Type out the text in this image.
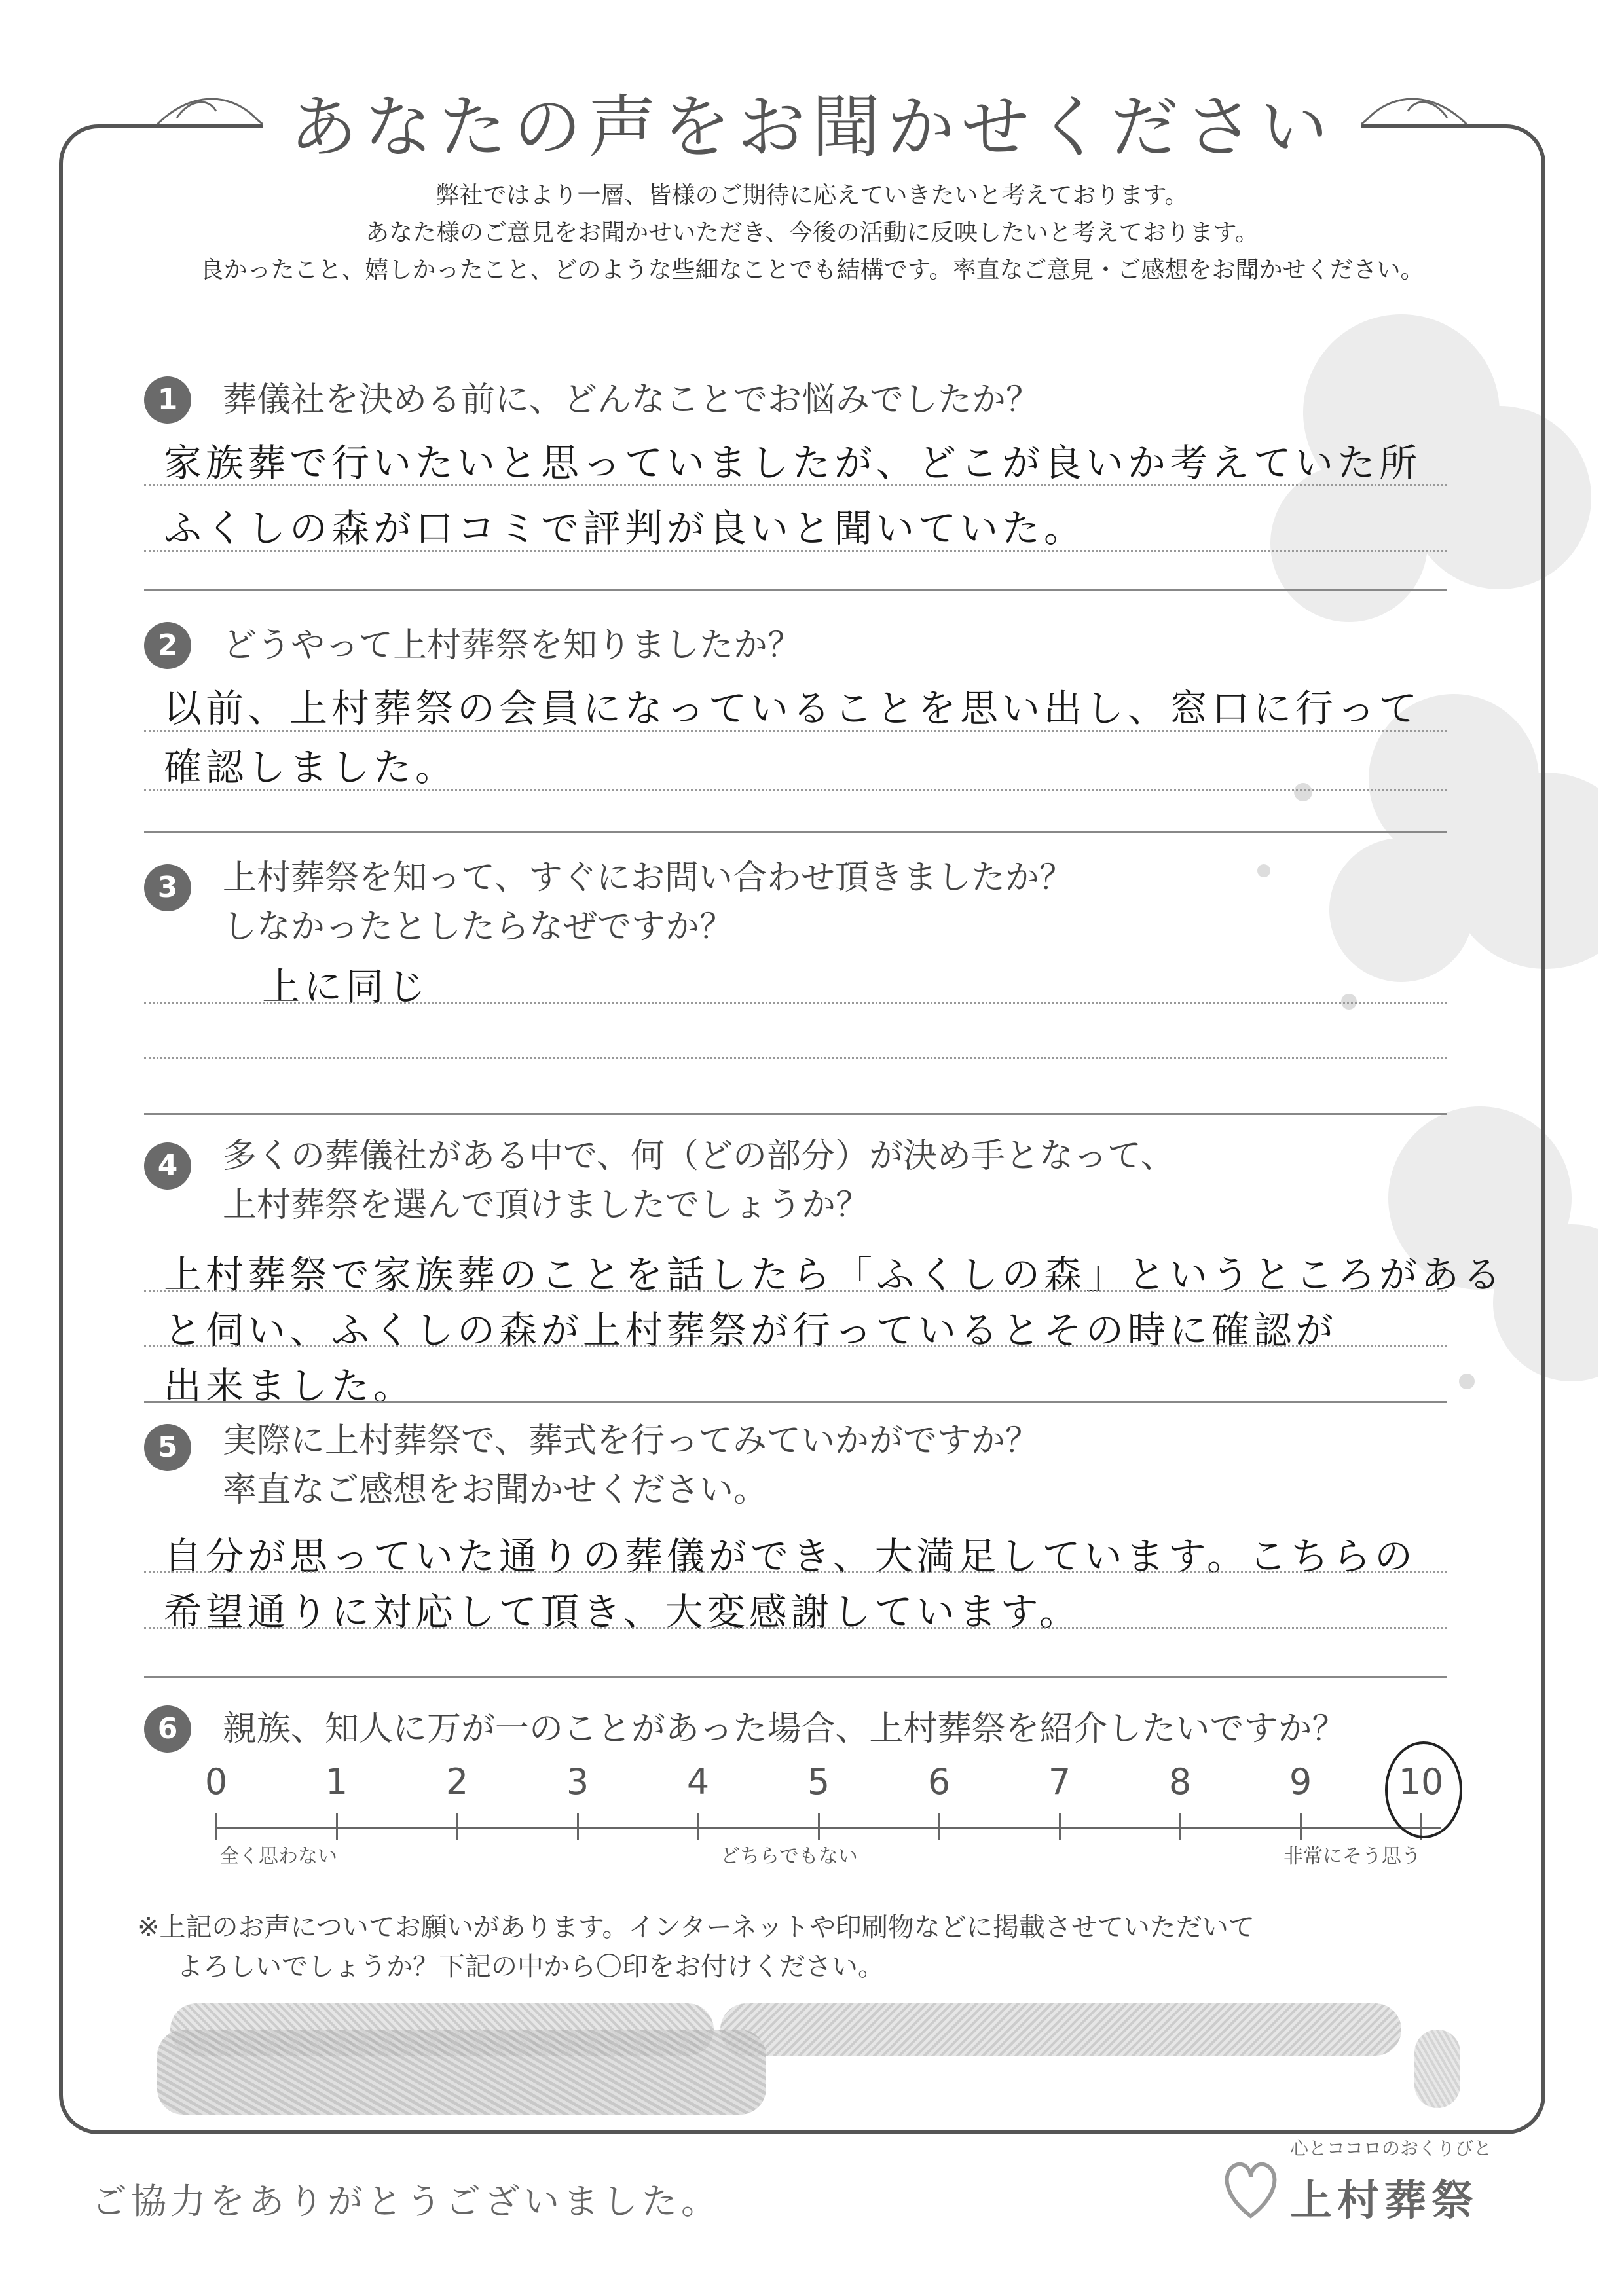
あなたの声をお聞かせください
弊社ではより一層、皆様のご期待に応えていきたいと考えております。
あなた様のご意見をお聞かせいただき、今後の活動に反映したいと考えております。
良かったこと、嬉しかったこと、どのような些細なことでも結構です。率直なご意見・ご感想をお聞かせください。
1	葬儀社を決める前に、どんなことでお悩みでしたか？
家族葬で行いたいと思っていましたが、どこが良いか考えていた所
ふくしの森が口コミで評判が良いと聞いていた。
2	どうやって上村葬祭を知りましたか？
以前、上村葬祭の会員になっていることを思い出し、窓口に行って
確認しました。
3	上村葬祭を知って、すぐにお問い合わせ頂きましたか？
しなかったとしたらなぜですか？
上に同じ
4	多くの葬儀社がある中で、何（どの部分）が決め手となって、
上村葬祭を選んで頂けましたでしょうか？
上村葬祭で家族葬のことを話したら「ふくしの森」というところがある
と伺い、ふくしの森が上村葬祭が行っているとその時に確認が
出来ました。
5	実際に上村葬祭で、葬式を行ってみていかがですか？
率直なご感想をお聞かせください。
自分が思っていた通りの葬儀ができ、大満足しています。こちらの
希望通りに対応して頂き、大変感謝しています。
6	親族、知人に万が一のことがあった場合、上村葬祭を紹介したいですか？
0	1	2	3	4	5	6	7	8	9	10
全く思わない	どちらでもない	非常にそう思う
※上記のお声についてお願いがあります。インターネットや印刷物などに掲載させていただいて
よろしいでしょうか？下記の中から〇印をお付けください。
ご協力をありがとうございました。
心とココロのおくりびと
上村葬祭
